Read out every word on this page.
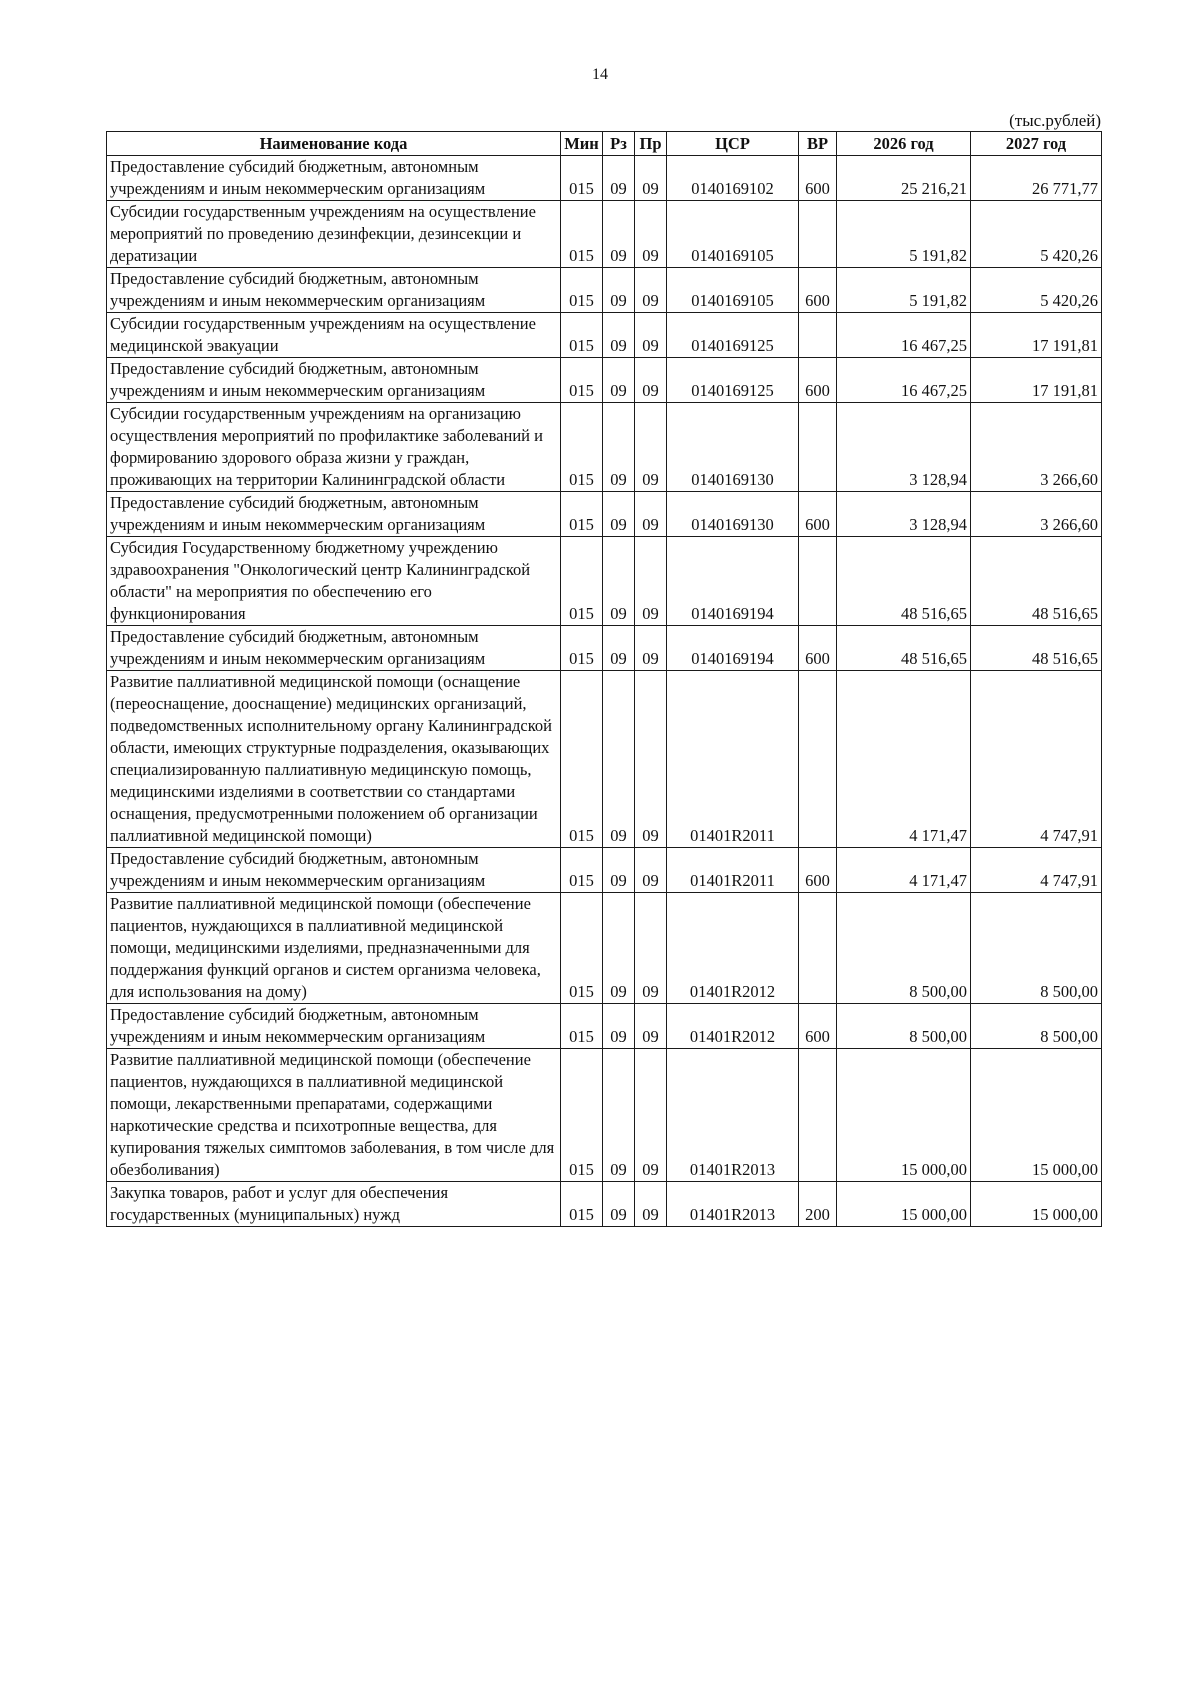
14
(тыс.рублей)
Наименование кода	Мин	Рз	Пр	ЦСР	ВР	2026 год	2027 год
Предоставление субсидий бюджетным, автономным учреждениям и иным некоммерческим организациям	015	09	09	0140169102	600	25 216,21	26 771,77
Субсидии государственным учреждениям на осуществление мероприятий по проведению дезинфекции, дезинсекции и дератизации	015	09	09	0140169105		5 191,82	5 420,26
Предоставление субсидий бюджетным, автономным учреждениям и иным некоммерческим организациям	015	09	09	0140169105	600	5 191,82	5 420,26
Субсидии государственным учреждениям на осуществление медицинской эвакуации	015	09	09	0140169125		16 467,25	17 191,81
Предоставление субсидий бюджетным, автономным учреждениям и иным некоммерческим организациям	015	09	09	0140169125	600	16 467,25	17 191,81
Субсидии государственным учреждениям на организацию осуществления мероприятий по профилактике заболеваний и формированию здорового образа жизни у граждан, проживающих на территории Калининградской области	015	09	09	0140169130		3 128,94	3 266,60
Предоставление субсидий бюджетным, автономным учреждениям и иным некоммерческим организациям	015	09	09	0140169130	600	3 128,94	3 266,60
Субсидия Государственному бюджетному учреждению здравоохранения "Онкологический центр Калининградской области" на мероприятия по обеспечению его функционирования	015	09	09	0140169194		48 516,65	48 516,65
Предоставление субсидий бюджетным, автономным учреждениям и иным некоммерческим организациям	015	09	09	0140169194	600	48 516,65	48 516,65
Развитие паллиативной медицинской помощи (оснащение (переоснащение, дооснащение) медицинских организаций, подведомственных исполнительному органу Калининградской области, имеющих структурные подразделения, оказывающих специализированную паллиативную медицинскую помощь, медицинскими изделиями в соответствии со стандартами оснащения, предусмотренными положением об организации паллиативной медицинской помощи)	015	09	09	01401R2011		4 171,47	4 747,91
Предоставление субсидий бюджетным, автономным учреждениям и иным некоммерческим организациям	015	09	09	01401R2011	600	4 171,47	4 747,91
Развитие паллиативной медицинской помощи (обеспечение пациентов, нуждающихся в паллиативной медицинской помощи, медицинскими изделиями, предназначенными для поддержания функций органов и систем организма человека, для использования на дому)	015	09	09	01401R2012		8 500,00	8 500,00
Предоставление субсидий бюджетным, автономным учреждениям и иным некоммерческим организациям	015	09	09	01401R2012	600	8 500,00	8 500,00
Развитие паллиативной медицинской помощи (обеспечение пациентов, нуждающихся в паллиативной медицинской помощи, лекарственными препаратами, содержащими наркотические средства и психотропные вещества, для купирования тяжелых симптомов заболевания, в том числе для обезболивания)	015	09	09	01401R2013		15 000,00	15 000,00
Закупка товаров, работ и услуг для обеспечения государственных (муниципальных) нужд	015	09	09	01401R2013	200	15 000,00	15 000,00
